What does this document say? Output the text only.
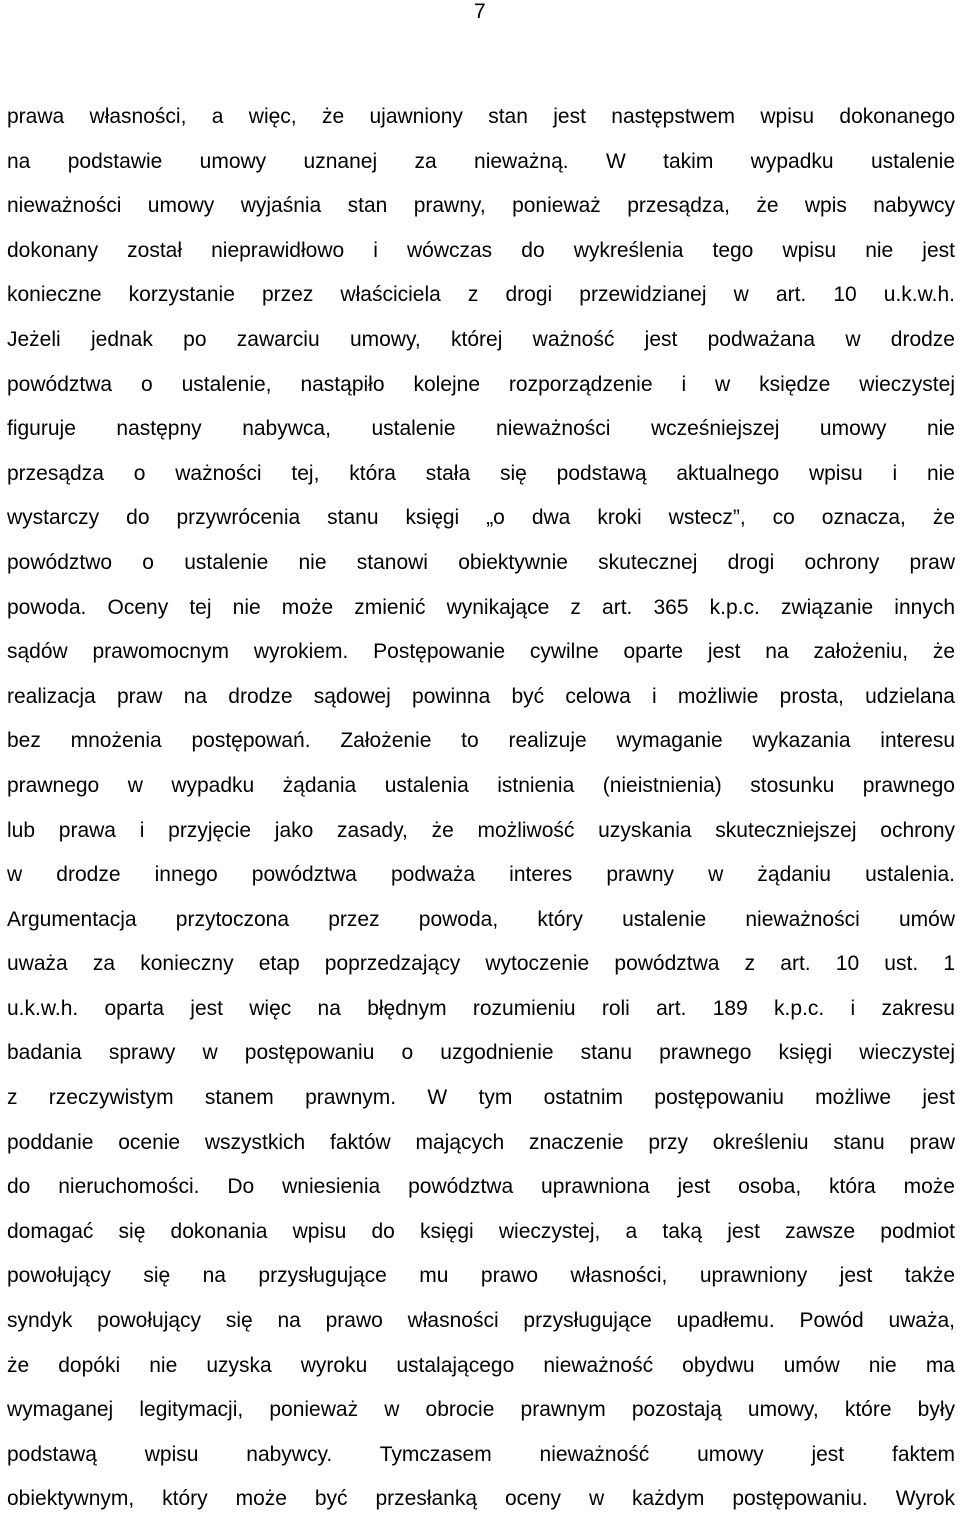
7
prawa własności, a więc, że ujawniony stan jest następstwem wpisu dokonanego
na podstawie umowy uznanej za nieważną. W takim wypadku ustalenie
nieważności umowy wyjaśnia stan prawny, ponieważ przesądza, że wpis nabywcy
dokonany został nieprawidłowo i wówczas do wykreślenia tego wpisu nie jest
konieczne korzystanie przez właściciela z drogi przewidzianej w art. 10 u.k.w.h.
Jeżeli jednak po zawarciu umowy, której ważność jest podważana w drodze
powództwa o ustalenie, nastąpiło kolejne rozporządzenie i w księdze wieczystej
figuruje następny nabywca, ustalenie nieważności wcześniejszej umowy nie
przesądza o ważności tej, która stała się podstawą aktualnego wpisu i nie
wystarczy do przywrócenia stanu księgi „o dwa kroki wstecz”, co oznacza, że
powództwo o ustalenie nie stanowi obiektywnie skutecznej drogi ochrony praw
powoda. Oceny tej nie może zmienić wynikające z art. 365 k.p.c. związanie innych
sądów prawomocnym wyrokiem. Postępowanie cywilne oparte jest na założeniu, że
realizacja praw na drodze sądowej powinna być celowa i możliwie prosta, udzielana
bez mnożenia postępowań. Założenie to realizuje wymaganie wykazania interesu
prawnego w wypadku żądania ustalenia istnienia (nieistnienia) stosunku prawnego
lub prawa i przyjęcie jako zasady, że możliwość uzyskania skuteczniejszej ochrony
w drodze innego powództwa podważa interes prawny w żądaniu ustalenia.
Argumentacja przytoczona przez powoda, który ustalenie nieważności umów
uważa za konieczny etap poprzedzający wytoczenie powództwa z art. 10 ust. 1
u.k.w.h. oparta jest więc na błędnym rozumieniu roli art. 189 k.p.c. i zakresu
badania sprawy w postępowaniu o uzgodnienie stanu prawnego księgi wieczystej
z rzeczywistym stanem prawnym. W tym ostatnim postępowaniu możliwe jest
poddanie ocenie wszystkich faktów mających znaczenie przy określeniu stanu praw
do nieruchomości. Do wniesienia powództwa uprawniona jest osoba, która może
domagać się dokonania wpisu do księgi wieczystej, a taką jest zawsze podmiot
powołujący się na przysługujące mu prawo własności, uprawniony jest także
syndyk powołujący się na prawo własności przysługujące upadłemu. Powód uważa,
że dopóki nie uzyska wyroku ustalającego nieważność obydwu umów nie ma
wymaganej legitymacji, ponieważ w obrocie prawnym pozostają umowy, które były
podstawą wpisu nabywcy. Tymczasem nieważność umowy jest faktem
obiektywnym, który może być przesłanką oceny w każdym postępowaniu. Wyrok
